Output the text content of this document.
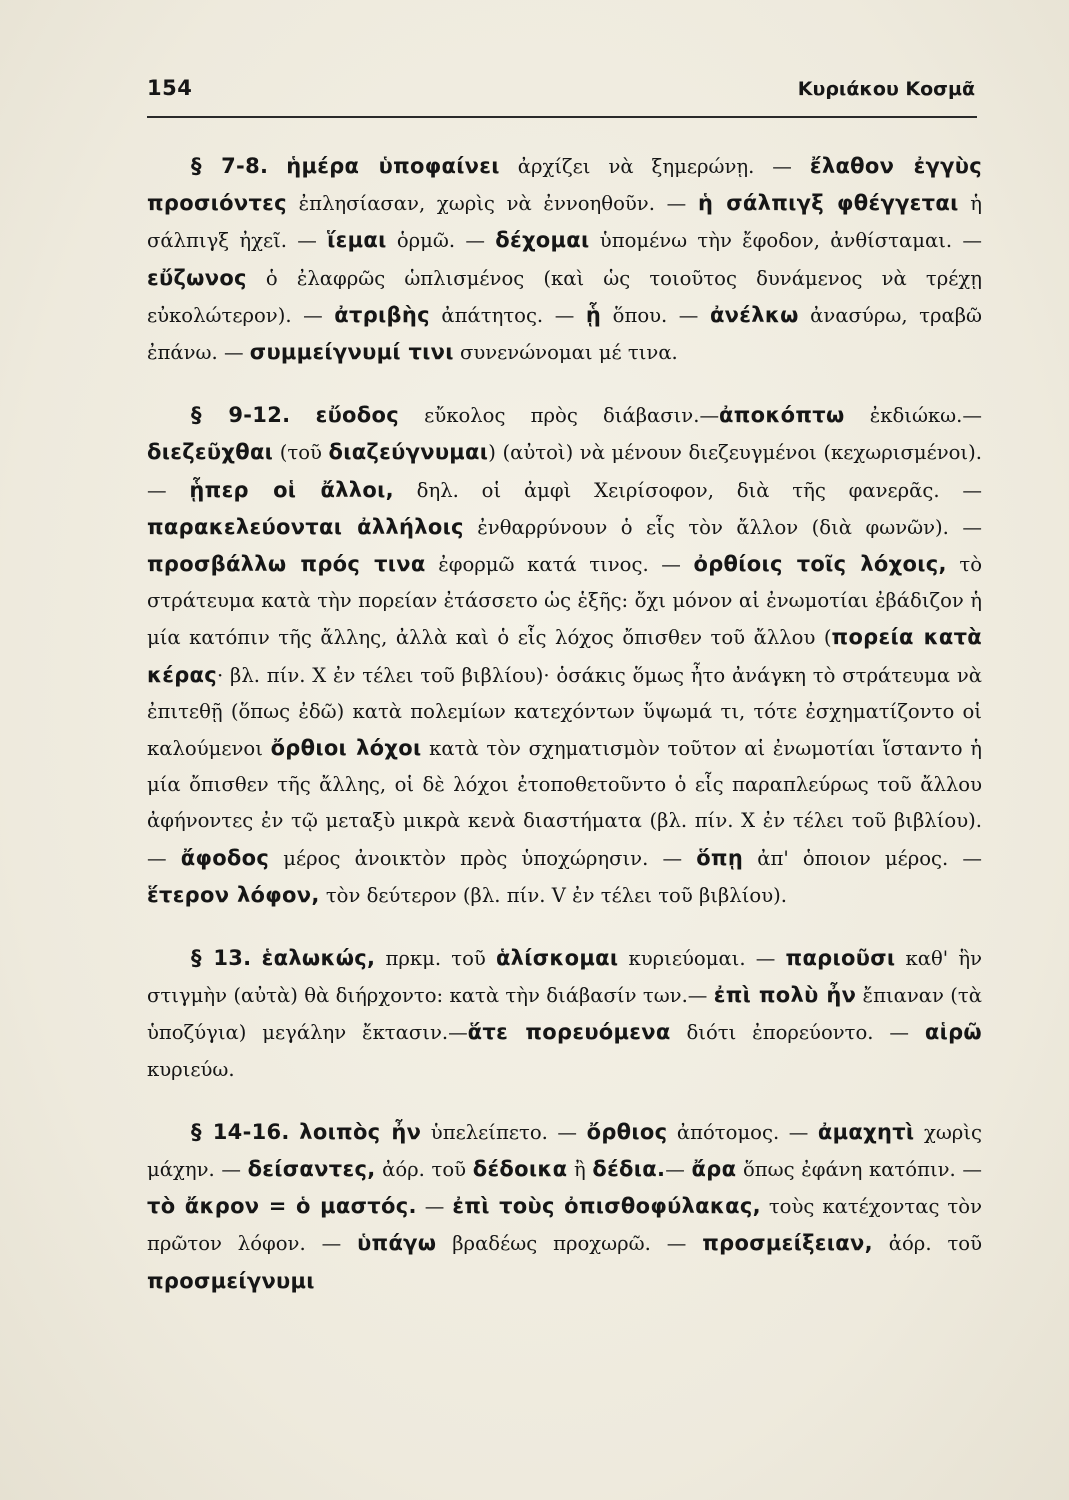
154	Κυριάκου Κοσμᾶ

§ 7-8. ἡμέρα ὑποφαίνει ἀρχίζει νὰ ξημερώνῃ. — ἔλαθον ἐγγὺς προσιόντες ἐπλησίασαν, χωρὶς νὰ ἐννοηθοῦν. — ἡ σάλπιγξ φθέγγεται ἡ σάλπιγξ ἠχεῖ. — ἵεμαι ὁρμῶ. — δέχομαι ὑπομένω τὴν ἔφοδον, ἀνθίσταμαι. — εὔζωνος ὁ ἐλαφρῶς ὡπλισμένος (καὶ ὡς τοιοῦτος δυνάμενος νὰ τρέχῃ εὐκολώτερον). — ἀτριβὴς ἀπάτητος. — ᾗ ὅπου. — ἀνέλκω ἀνασύρω, τραβῶ ἐπάνω. — συμμείγνυμί τινι συνενώνομαι μέ τινα.

§ 9-12. εὔοδος εὔκολος πρὸς διάβασιν.—ἀποκόπτω ἐκδιώκω.— διεζεῦχθαι (τοῦ διαζεύγνυμαι) (αὐτοὶ) νὰ μένουν διεζευγμένοι (κεχωρισμένοι). — ᾗπερ οἱ ἄλλοι, δηλ. οἱ ἀμφὶ Χειρίσοφον, διὰ τῆς φανερᾶς. — παρακελεύονται ἀλλήλοις ἐνθαρρύνουν ὁ εἷς τὸν ἄλλον (διὰ φωνῶν). — προσβάλλω πρός τινα ἐφορμῶ κατά τινος. — ὀρθίοις τοῖς λόχοις, τὸ στράτευμα κατὰ τὴν πορείαν ἐτάσσετο ὡς ἑξῆς: ὄχι μόνον αἱ ἐνωμοτίαι ἐβάδιζον ἡ μία κατόπιν τῆς ἄλλης, ἀλλὰ καὶ ὁ εἷς λόχος ὄπισθεν τοῦ ἄλλου (πορεία κατὰ κέρας· βλ. πίν. Χ ἐν τέλει τοῦ βιβλίου)· ὁσάκις ὅμως ἦτο ἀνάγκη τὸ στράτευμα νὰ ἐπιτεθῇ (ὅπως ἐδῶ) κατὰ πολεμίων κατεχόντων ὕψωμά τι, τότε ἐσχηματίζοντο οἱ καλούμενοι ὄρθιοι λόχοι κατὰ τὸν σχηματισμὸν τοῦτον αἱ ἐνωμοτίαι ἵσταντο ἡ μία ὄπισθεν τῆς ἄλλης, οἱ δὲ λόχοι ἐτοποθετοῦντο ὁ εἷς παραπλεύρως τοῦ ἄλλου ἀφήνοντες ἐν τῷ μεταξὺ μικρὰ κενὰ διαστήματα (βλ. πίν. Χ ἐν τέλει τοῦ βιβλίου). — ἄφοδος μέρος ἀνοικτὸν πρὸς ὑποχώρησιν. — ὅπῃ ἀπ' ὁποιον μέρος. — ἕτερον λόφον, τὸν δεύτερον (βλ. πίν. V ἐν τέλει τοῦ βιβλίου).

§ 13. ἑαλωκώς, πρκμ. τοῦ ἁλίσκομαι κυριεύομαι. — παριοῦσι καθ' ἣν στιγμὴν (αὐτὰ) θὰ διήρχοντο: κατὰ τὴν διάβασίν των.— ἐπὶ πολὺ ἦν ἔπιαναν (τὰ ὑποζύγια) μεγάλην ἔκτασιν.—ἅτε πορευόμενα διότι ἐπορεύοντο. — αἱρῶ κυριεύω.

§ 14-16. λοιπὸς ἦν ὑπελείπετο. — ὄρθιος ἀπότομος. — ἀμαχητὶ χωρὶς μάχην. — δείσαντες, ἀόρ. τοῦ δέδοικα ἢ δέδια.— ἄρα ὅπως ἐφάνη κατόπιν. — τὸ ἄκρον = ὁ μαστός. — ἐπὶ τοὺς ὀπισθοφύλακας, τοὺς κατέχοντας τὸν πρῶτον λόφον. — ὑπάγω βραδέως προχωρῶ. — προσμείξειαν, ἀόρ. τοῦ προσμείγνυμι
